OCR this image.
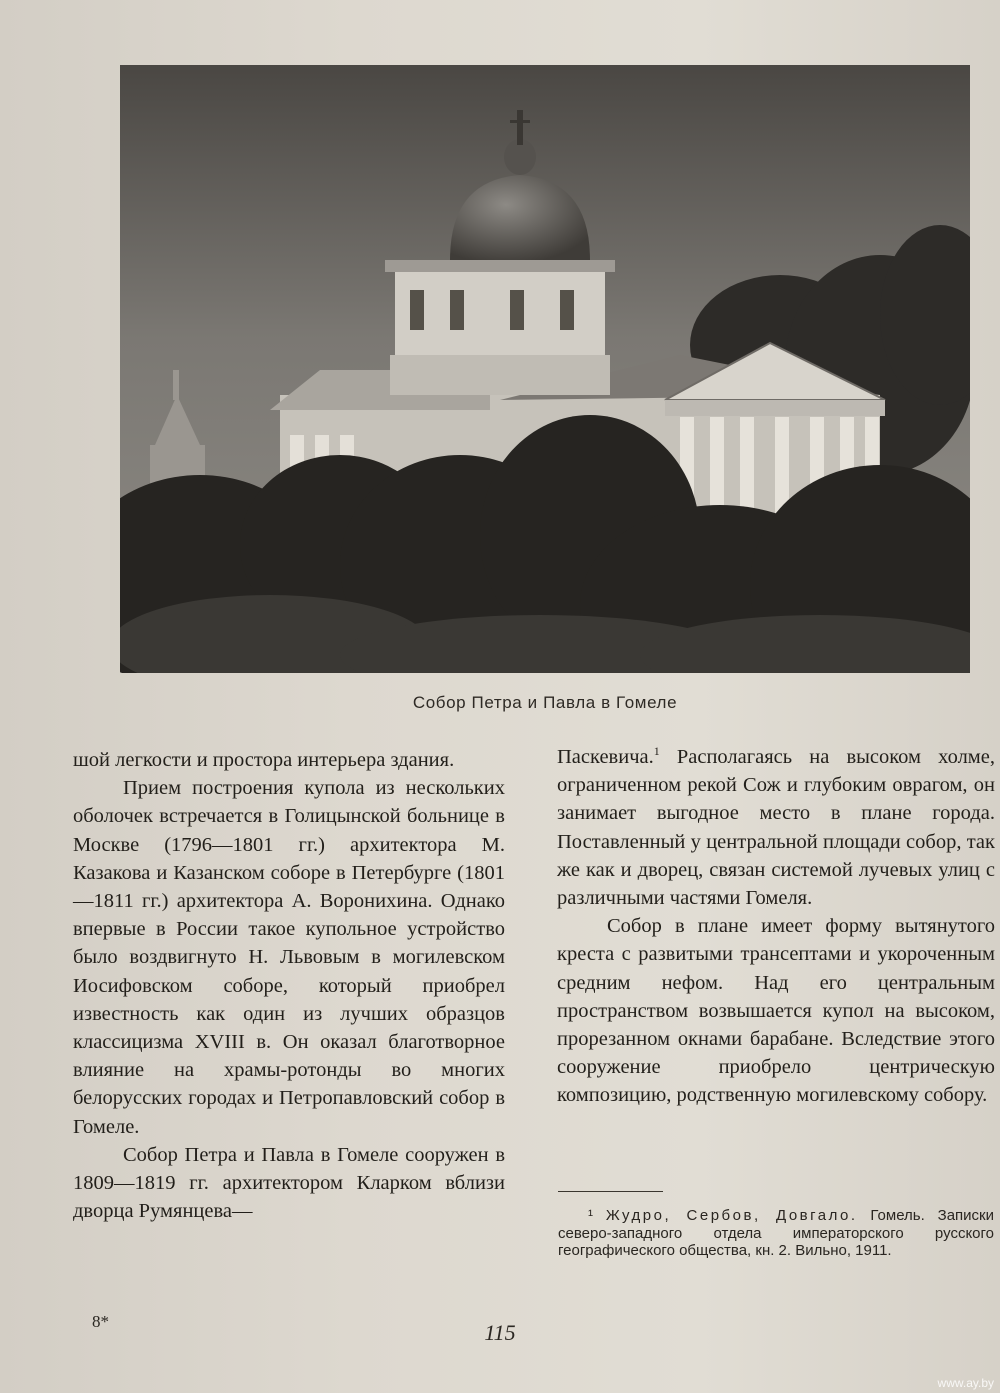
Собор Петра и Павла в Гомеле

шой легкости и простора интерьера здания.

Прием построения купола из нескольких оболочек встречается в Голицынской больнице в Москве (1796—1801 гг.) архитектора М. Казакова и Казанском соборе в Петербурге (1801—1811 гг.) архитектора А. Воронихина. Однако впервые в России такое купольное устройство было воздвигнуто Н. Львовым в могилевском Иосифовском соборе, который приобрел известность как один из лучших образцов классицизма XVIII в. Он оказал благотворное влияние на храмы-ротонды во многих белорусских городах и Петропавловский собор в Гомеле.

Собор Петра и Павла в Гомеле сооружен в 1809—1819 гг. архитектором Кларком вблизи дворца Румянцева—

Паскевича.$^1$ Располагаясь на высоком холме, ограниченном рекой Сож и глубоким оврагом, он занимает выгодное место в плане города. Поставленный у центральной площади собор, так же как и дворец, связан системой лучевых улиц с различными частями Гомеля.

Собор в плане имеет форму вытянутого креста с развитыми трансептами и укороченным средним нефом. Над его центральным пространством возвышается купол на высоком, прорезанном окнами барабане. Вследствие этого сооружение приобрело центрическую композицию, родственную могилевскому собору.

¹ Жудро, Сербов, Довгало. Гомель. Записки северо-западного отдела императорского русского географического общества, кн. 2. Вильно, 1911.

8*	115
www.ay.by
